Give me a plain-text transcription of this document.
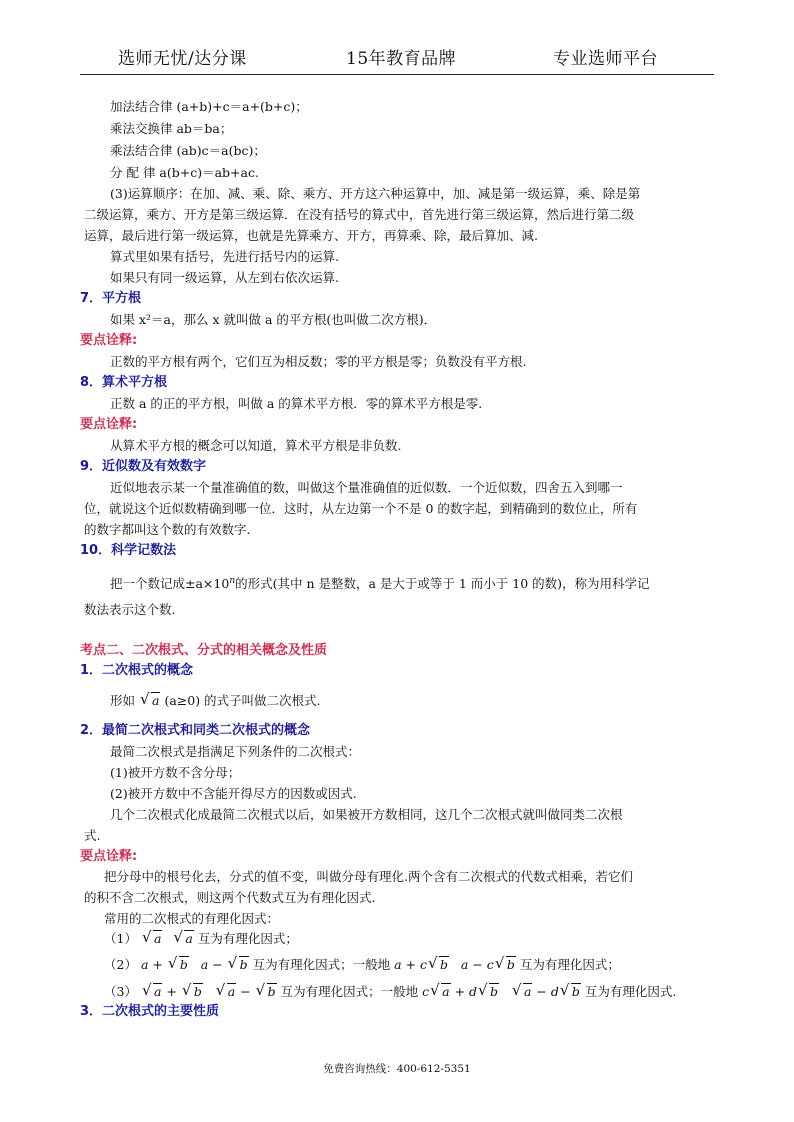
选师无忧/达分课	15年教育品牌	专业选师平台
加法结合律 (a+b)+c＝a+(b+c)；
乘法交换律 ab＝ba；
乘法结合律 (ab)c＝a(bc)；
分 配 律 a(b+c)＝ab+ac.
(3)运算顺序：在加、减、乘、除、乘方、开方这六种运算中，加、减是第一级运算，乘、除是第
二级运算，乘方、开方是第三级运算．在没有括号的算式中，首先进行第三级运算，然后进行第二级
运算，最后进行第一级运算，也就是先算乘方、开方，再算乘、除，最后算加、减.
算式里如果有括号，先进行括号内的运算.
如果只有同一级运算，从左到右依次运算.
7．平方根
如果 x²＝a，那么 x 就叫做 a 的平方根(也叫做二次方根)．
要点诠释:
正数的平方根有两个，它们互为相反数；零的平方根是零；负数没有平方根.
8．算术平方根
正数 a 的正的平方根，叫做 a 的算术平方根．零的算术平方根是零.
要点诠释:
从算术平方根的概念可以知道，算术平方根是非负数.
9．近似数及有效数字
近似地表示某一个量准确值的数，叫做这个量准确值的近似数．一个近似数，四舍五入到哪一
位，就说这个近似数精确到哪一位．这时，从左边第一个不是 0 的数字起，到精确到的数位止，所有
的数字都叫这个数的有效数字.
10．科学记数法
把一个数记成$\pm a\times 10^n$的形式(其中 n 是整数，a 是大于或等于 1 而小于 10 的数)，称为用科学记
数法表示这个数.
考点二、二次根式、分式的相关概念及性质
1．二次根式的概念
形如 √ a (a≥0) 的式子叫做二次根式.
2．最简二次根式和同类二次根式的概念
最简二次根式是指满足下列条件的二次根式：
(1)被开方数不含分母；
(2)被开方数中不含能开得尽方的因数或因式.
几个二次根式化成最简二次根式以后，如果被开方数相同，这几个二次根式就叫做同类二次根
式.
要点诠释:
把分母中的根号化去，分式的值不变，叫做分母有理化.两个含有二次根式的代数式相乘，若它们
的积不含二次根式，则这两个代数式互为有理化因式.
常用的二次根式的有理化因式：
（1） √ a √ a 互为有理化因式；
（2） a + √ b   a − √ b 互为有理化因式；一般地 a + c √ b   a − c √ b 互为有理化因式；
（3） √ a + √ b √ a − √ b 互为有理化因式；一般地 c √ a + d √ b √ a − d √ b 互为有理化因式.
3．二次根式的主要性质
免费咨询热线：400-612-5351
